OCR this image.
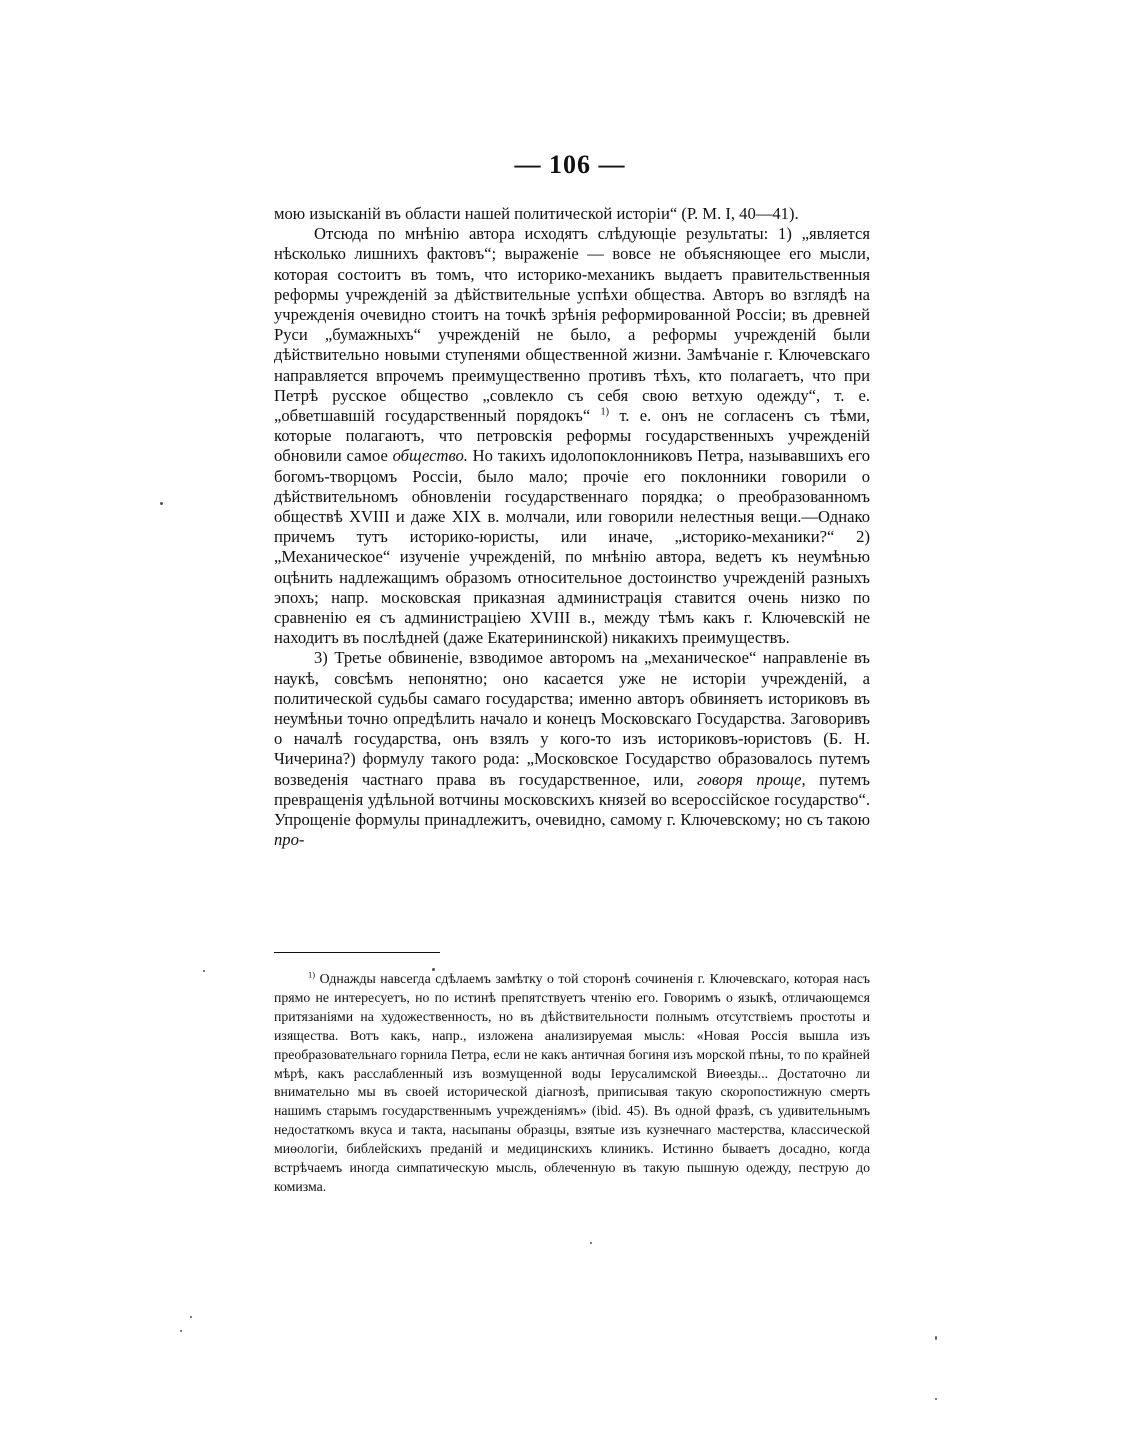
— 106 —

мою изысканій въ области нашей политической исторіи“ (Р. М. I, 40—41).

Отсюда по мнѣнію автора исходятъ слѣдующіе результаты: 1) „является нѣсколько лишнихъ фактовъ“; выраженіе — вовсе не объясняющее его мысли, которая состоитъ въ томъ, что историко-механикъ выдаетъ правительственныя реформы учрежденій за дѣйствительные успѣхи общества. Авторъ во взглядѣ на учрежденія очевидно стоитъ на точкѣ зрѣнія реформированной Россіи; въ древней Руси „бумажныхъ“ учрежденій не было, а реформы учрежденій были дѣйствительно новыми ступенями общественной жизни. Замѣчаніе г. Ключевскаго направляется впрочемъ преимущественно противъ тѣхъ, кто полагаетъ, что при Петрѣ русское общество „совлекло съ себя свою ветхую одежду“, т. е. „обветшавшій государственный порядокъ“ $^{1)}$ т. е. онъ не согласенъ съ тѣми, которые полагаютъ, что петровскія реформы государственныхъ учрежденій обновили самое общество. Но такихъ идолопоклонниковъ Петра, называвшихъ его богомъ-творцомъ Россіи, было мало; прочіе его поклонники говорили о дѣйствительномъ обновленіи государственнаго порядка; о преобразованномъ обществѣ XVIII и даже XIX в. молчали, или говорили нелестныя вещи.—Однако причемъ тутъ историко-юристы, или иначе, „историко-механики?“ 2) „Механическое“ изученіе учрежденій, по мнѣнію автора, ведетъ къ неумѣнью оцѣнить надлежащимъ образомъ относительное достоинство учрежденій разныхъ эпохъ; напр. московская приказная администрація ставится очень низко по сравненію ея съ администраціею XVIII в., между тѣмъ какъ г. Ключевскій не находитъ въ послѣдней (даже Екатерининской) никакихъ преимуществъ.

3) Третье обвиненіе, взводимое авторомъ на „механическое“ направленіе въ наукѣ, совсѣмъ непонятно; оно касается уже не исторіи учрежденій, а политической судьбы самаго государства; именно авторъ обвиняетъ историковъ въ неумѣньи точно опредѣлить начало и конецъ Московскаго Государства. Заговоривъ о началѣ государства, онъ взялъ у кого-то изъ историковъ-юристовъ (Б. Н. Чичерина?) формулу такого рода: „Московское Государство образовалось путемъ возведенія частнаго права въ государственное, или, говоря проще, путемъ превращенія удѣльной вотчины московскихъ князей во всероссійское государство“. Упрощеніе формулы принадлежитъ, очевидно, самому г. Ключевскому; но съ такою про-

$^{1)}$ Однажды навсегда сдѣлаемъ замѣтку о той сторонѣ сочиненія г. Ключевскаго, которая насъ прямо не интересуетъ, но по истинѣ препятствуетъ чтенію его. Говоримъ о языкѣ, отличающемся притязаніями на художественность, но въ дѣйствительности полнымъ отсутствіемъ простоты и изящества. Вотъ какъ, напр., изложена анализируемая мысль: «Новая Россія вышла изъ преобразовательнаго горнила Петра, если не какъ античная богиня изъ морской пѣны, то по крайней мѣрѣ, какъ расслабленный изъ возмущенной воды Іерусалимской Виѳезды... Достаточно ли внимательно мы въ своей исторической діагнозѣ, приписывая такую скоропостижную смерть нашимъ старымъ государственнымъ учрежденіямъ» (ibid. 45). Въ одной фразѣ, съ удивительнымъ недостаткомъ вкуса и такта, насыпаны образцы, взятые изъ кузнечнаго мастерства, классической миѳологіи, библейскихъ преданій и медицинскихъ клиникъ. Истинно бываетъ досадно, когда встрѣчаемъ иногда симпатическую мысль, облеченную въ такую пышную одежду, пеструю до комизма.
